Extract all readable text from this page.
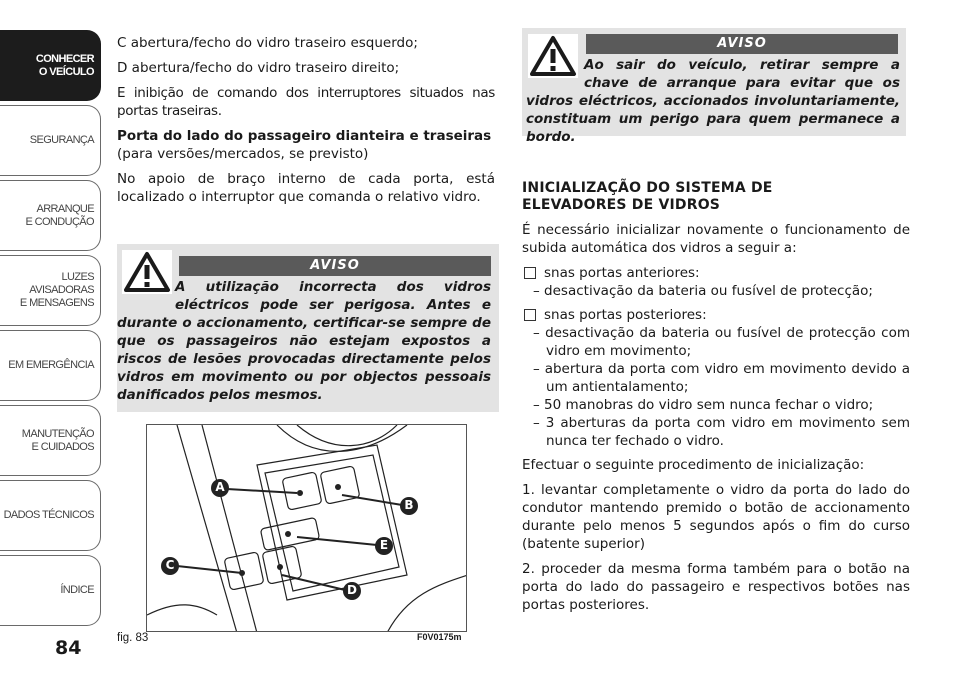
CONHECER
O VEÍCULO
SEGURANÇA
ARRANQUE
E CONDUÇÃO
LUZES AVISADORAS
E MENSAGENS
EM EMERGÊNCIA
MANUTENÇÃO
E CUIDADOS
DADOS TÉCNICOS
ÍNDICE
84

C abertura/fecho do vidro traseiro esquerdo;

D abertura/fecho do vidro traseiro direito;

E inibição de comando dos interruptores situados nas portas traseiras.

Porta do lado do passageiro dianteira e traseiras

(para versões/mercados, se previsto)

No apoio de braço interno de cada porta, está localizado o interruptor que comanda o relativo vidro.

AVISO
A utilização incorrecta dos vidros eléctricos pode ser perigosa. Antes e durante o accionamento, certificar-se sempre de que os passageiros não estejam expostos a riscos de lesões provocadas directamente pelos vidros em movimento ou por objectos pessoais danificados pelos mesmos.
AVISO
Ao sair do veículo, retirar sempre a chave de arranque para evitar que os vidros eléctricos, accionados involuntariamente, constituam um perigo para quem permanece a bordo.
INICIALIZAÇÃO DO SISTEMA DE
ELEVADORES DE VIDROS

É necessário inicializar novamente o funcionamento de subida automática dos vidros a seguir a:

snas portas anteriores:
– desactivação da bateria ou fusível de protecção;
snas portas posteriores:
– desactivação da bateria ou fusível de protecção com vidro em movimento;
– abertura da porta com vidro em movimento devido a um antientalamento;
– 50 manobras do vidro sem nunca fechar o vidro;
– 3 aberturas da porta com vidro em movimento sem nunca ter fechado o vidro.

Efectuar o seguinte procedimento de inicialização:

1. levantar completamente o vidro da porta do lado do condutor mantendo premido o botão de accionamento durante pelo menos 5 segundos após o fim do curso (batente superior)

2. proceder da mesma forma também para o botão na porta do lado do passageiro e respectivos botões nas portas posteriores.

A
B
C
D
E
fig. 83	F0V0175m
